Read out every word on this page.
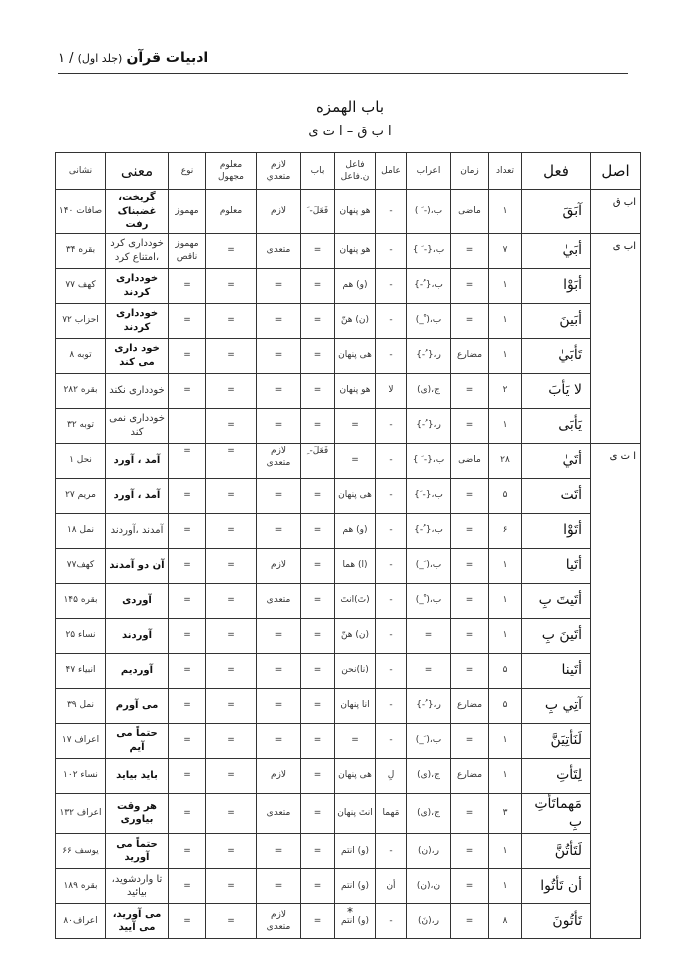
ادبیات قرآن (جلد اول) / ١
باب الهمزه
ا ب ق – ا ت ی
اصل	فعل	تعداد	زمان	اعراب	عامل	فاعل ن.فاعل	باب	لازم متعدي	معلوم مجهول	نوع	معنی	نشانی
اب ق	آبَقَ	١	ماضی	ب،(- َ )	-	هو پنهان	فَعَلَ- َ	لازم	معلوم	مهموز	گریخت، غضبناک رفت	صافات ١۴٠
اب ی	أبَيٰ	٧	=	ب،{- َ }	-	هو پنهان	=	متعدی	=	مهموز ناقص	خودداری کرد ،امتناع کرد	بقره ٣۴
	أبَوْا	١	=	ب،{ ُ-}	-	(و) هم	=	=	=	=	خودداری کردند	کهف ٧٧
	أبَينَ	١	=	ب،( ْ_)	-	(ن) هنّ	=	=	=	=	خودداری کردند	احزاب ٧٢
	تَأبَيٰ	١	مضارع	ر،{ ُ-}	-	هی پنهان	=	=	=	=	خود داری می کند	توبه ٨
	لا يَأبَ	٢	=	ج،(ی)	لا	هو پنهان	=	=	=	=	خودداری نکند	بقره ٢٨٢
	يَأبَى	١	=	ر،{ ُ-}	-	=	=	=	=		خودداری نمی کند	توبه ٣٢
ا ت ی	أتَيٰ	٢٨	ماضی	ب،{- َ }	-	=	فَعَلَ- ِ	لازم متعدی	=	=	آمد ، آورد	نحل ١
	أتَت	۵	=	ب،{- َ}	-	هی پنهان	=	=	=	=	آمد ، آورد	مریم ٢٧
	أتَوْا	۶	=	ب،{ ُ-}	-	(و) هم	=	=	=	=	آمدند ،آوردند	نمل ١٨
	أتَيا	١	=	ب،( َ_)	-	(ا) هما	=	لازم	=	=	آن دو آمدند	کهف٧٧
	أتَيتَ بِ	١	=	ب،( ْ_)	-	(تَ)انتَ	=	متعدی	=	=	آوردی	بقره ١۴۵
	أتَينَ بِ	١	=	=	-	(ن) هنّ	=	=	=	=	آوردند	نساء ٢۵
	أتَينا	۵	=	=	-	(نا)نحن	=	=	=	=	آوردیم	انبیاء ۴٧
	آتِي بِ	۵	مضارع	ر،{ ُ-}	-	انا پنهان	=	=	=	=	می آورم	نمل ٣٩
	لَنَأتِيَنَّ	١	=	ب،( َ_)	-	=	=	=	=	=	حتماً می آیم	اعراف ١٧
	لِتَأتِ	١	مضارع	ج،(ی)	لِ	هی پنهان	=	لازم	=	=	باید بیاید	نساء ١٠٢
	مَهماتَأتِ بِ	٣	=	ج،(ی)	مَهما	انتَ پنهان	=	متعدی	=	=	هر وقت بیاوری	اعراف ١٣٢
	لَتَأتُنَّ	١	=	ر،(ن)	-	(و) انتم	=	=	=	=	حتماً می آورید	یوسف ۶۶
	أن تَأتُوا	١	=	ن،(ن)	أن	(و) انتم	=	=	=	=	تا واردشوید، بیائید	بقره ١٨٩
	تَأتُونَ	٨	=	ر،(نَ)	-	(و) انتم	=	لازم متعدی	=	=	می آورید، می آیید	اعراف٨٠
*
